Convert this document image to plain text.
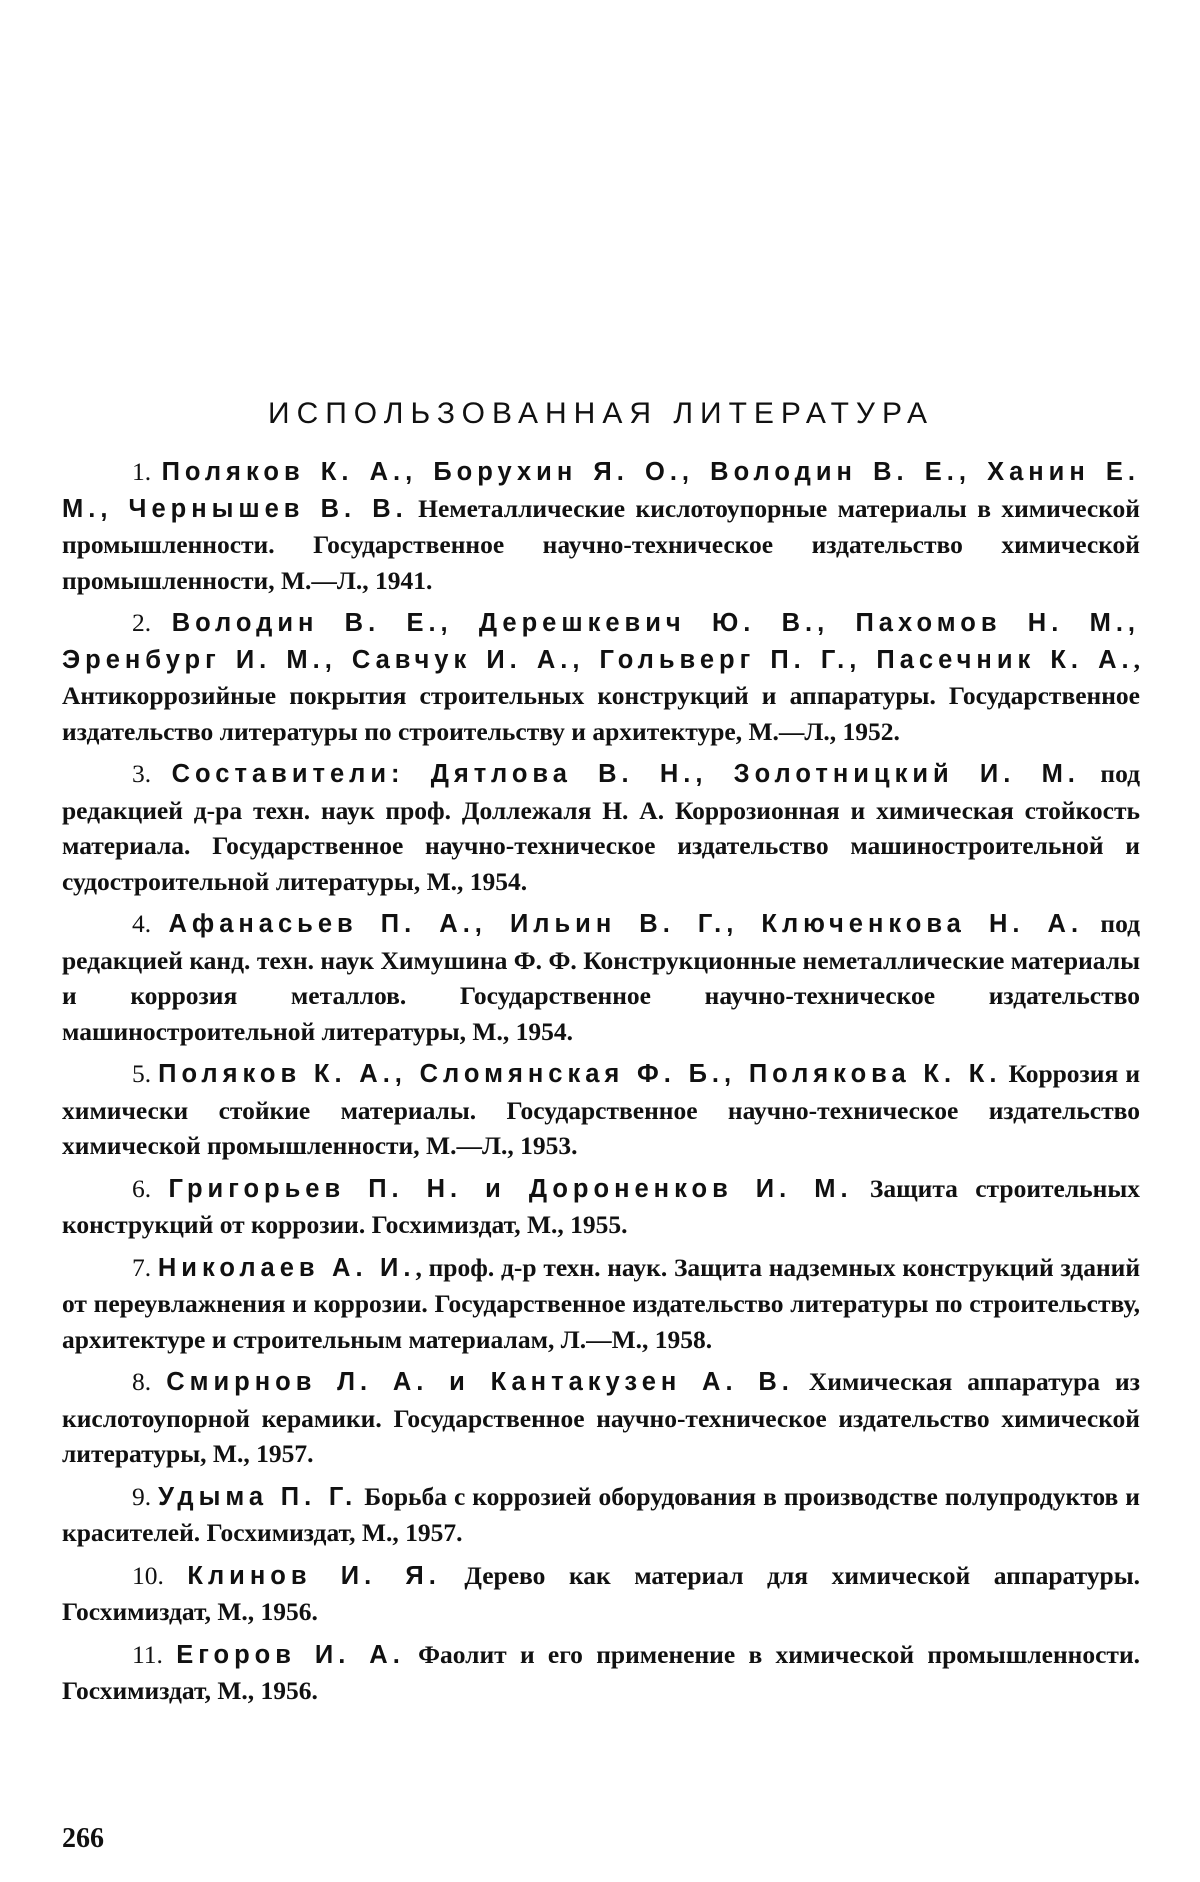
ИСПОЛЬЗОВАННАЯ ЛИТЕРАТУРА

1. Поляков К. А., Борухин Я. О., Володин В. Е., Ханин Е. М., Чернышев В. В. Неметаллические кислотоупорные материалы в химической промышленности. Государственное научно-техническое издательство химической промышленности, М.—Л., 1941.

2. Володин В. Е., Дерешкевич Ю. В., Пахомов Н. М., Эренбург И. М., Савчук И. А., Гольверг П. Г., Пасечник К. А., Антикоррозийные покрытия строительных конструкций и аппаратуры. Государственное издательство литературы по строительству и архитектуре, М.—Л., 1952.

3. Составители: Дятлова В. Н., Золотницкий И. М. под редакцией д-ра техн. наук проф. Доллежаля Н. А. Коррозионная и химическая стойкость материала. Государственное научно-техническое издательство машиностроительной и судостроительной литературы, М., 1954.

4. Афанасьев П. А., Ильин В. Г., Ключенкова Н. А. под редакцией канд. техн. наук Химушина Ф. Ф. Конструкционные неметаллические материалы и коррозия металлов. Государственное научно-техническое издательство машиностроительной литературы, М., 1954.

5. Поляков К. А., Сломянская Ф. Б., Полякова К. К. Коррозия и химически стойкие материалы. Государственное научно-техническое издательство химической промышленности, М.—Л., 1953.

6. Григорьев П. Н. и Дороненков И. М. Защита строительных конструкций от коррозии. Госхимиздат, М., 1955.

7. Николаев А. И., проф. д-р техн. наук. Защита надземных конструкций зданий от переувлажнения и коррозии. Государственное издательство литературы по строительству, архитектуре и строительным материалам, Л.—М., 1958.

8. Смирнов Л. А. и Кантакузен А. В. Химическая аппаратура из кислотоупорной керамики. Государственное научно-техническое издательство химической литературы, М., 1957.

9. Удыма П. Г. Борьба с коррозией оборудования в производстве полупродуктов и красителей. Госхимиздат, М., 1957.

10. Клинов И. Я. Дерево как материал для химической аппаратуры. Госхимиздат, М., 1956.

11. Егоров И. А. Фаолит и его применение в химической промышленности. Госхимиздат, М., 1956.

266
